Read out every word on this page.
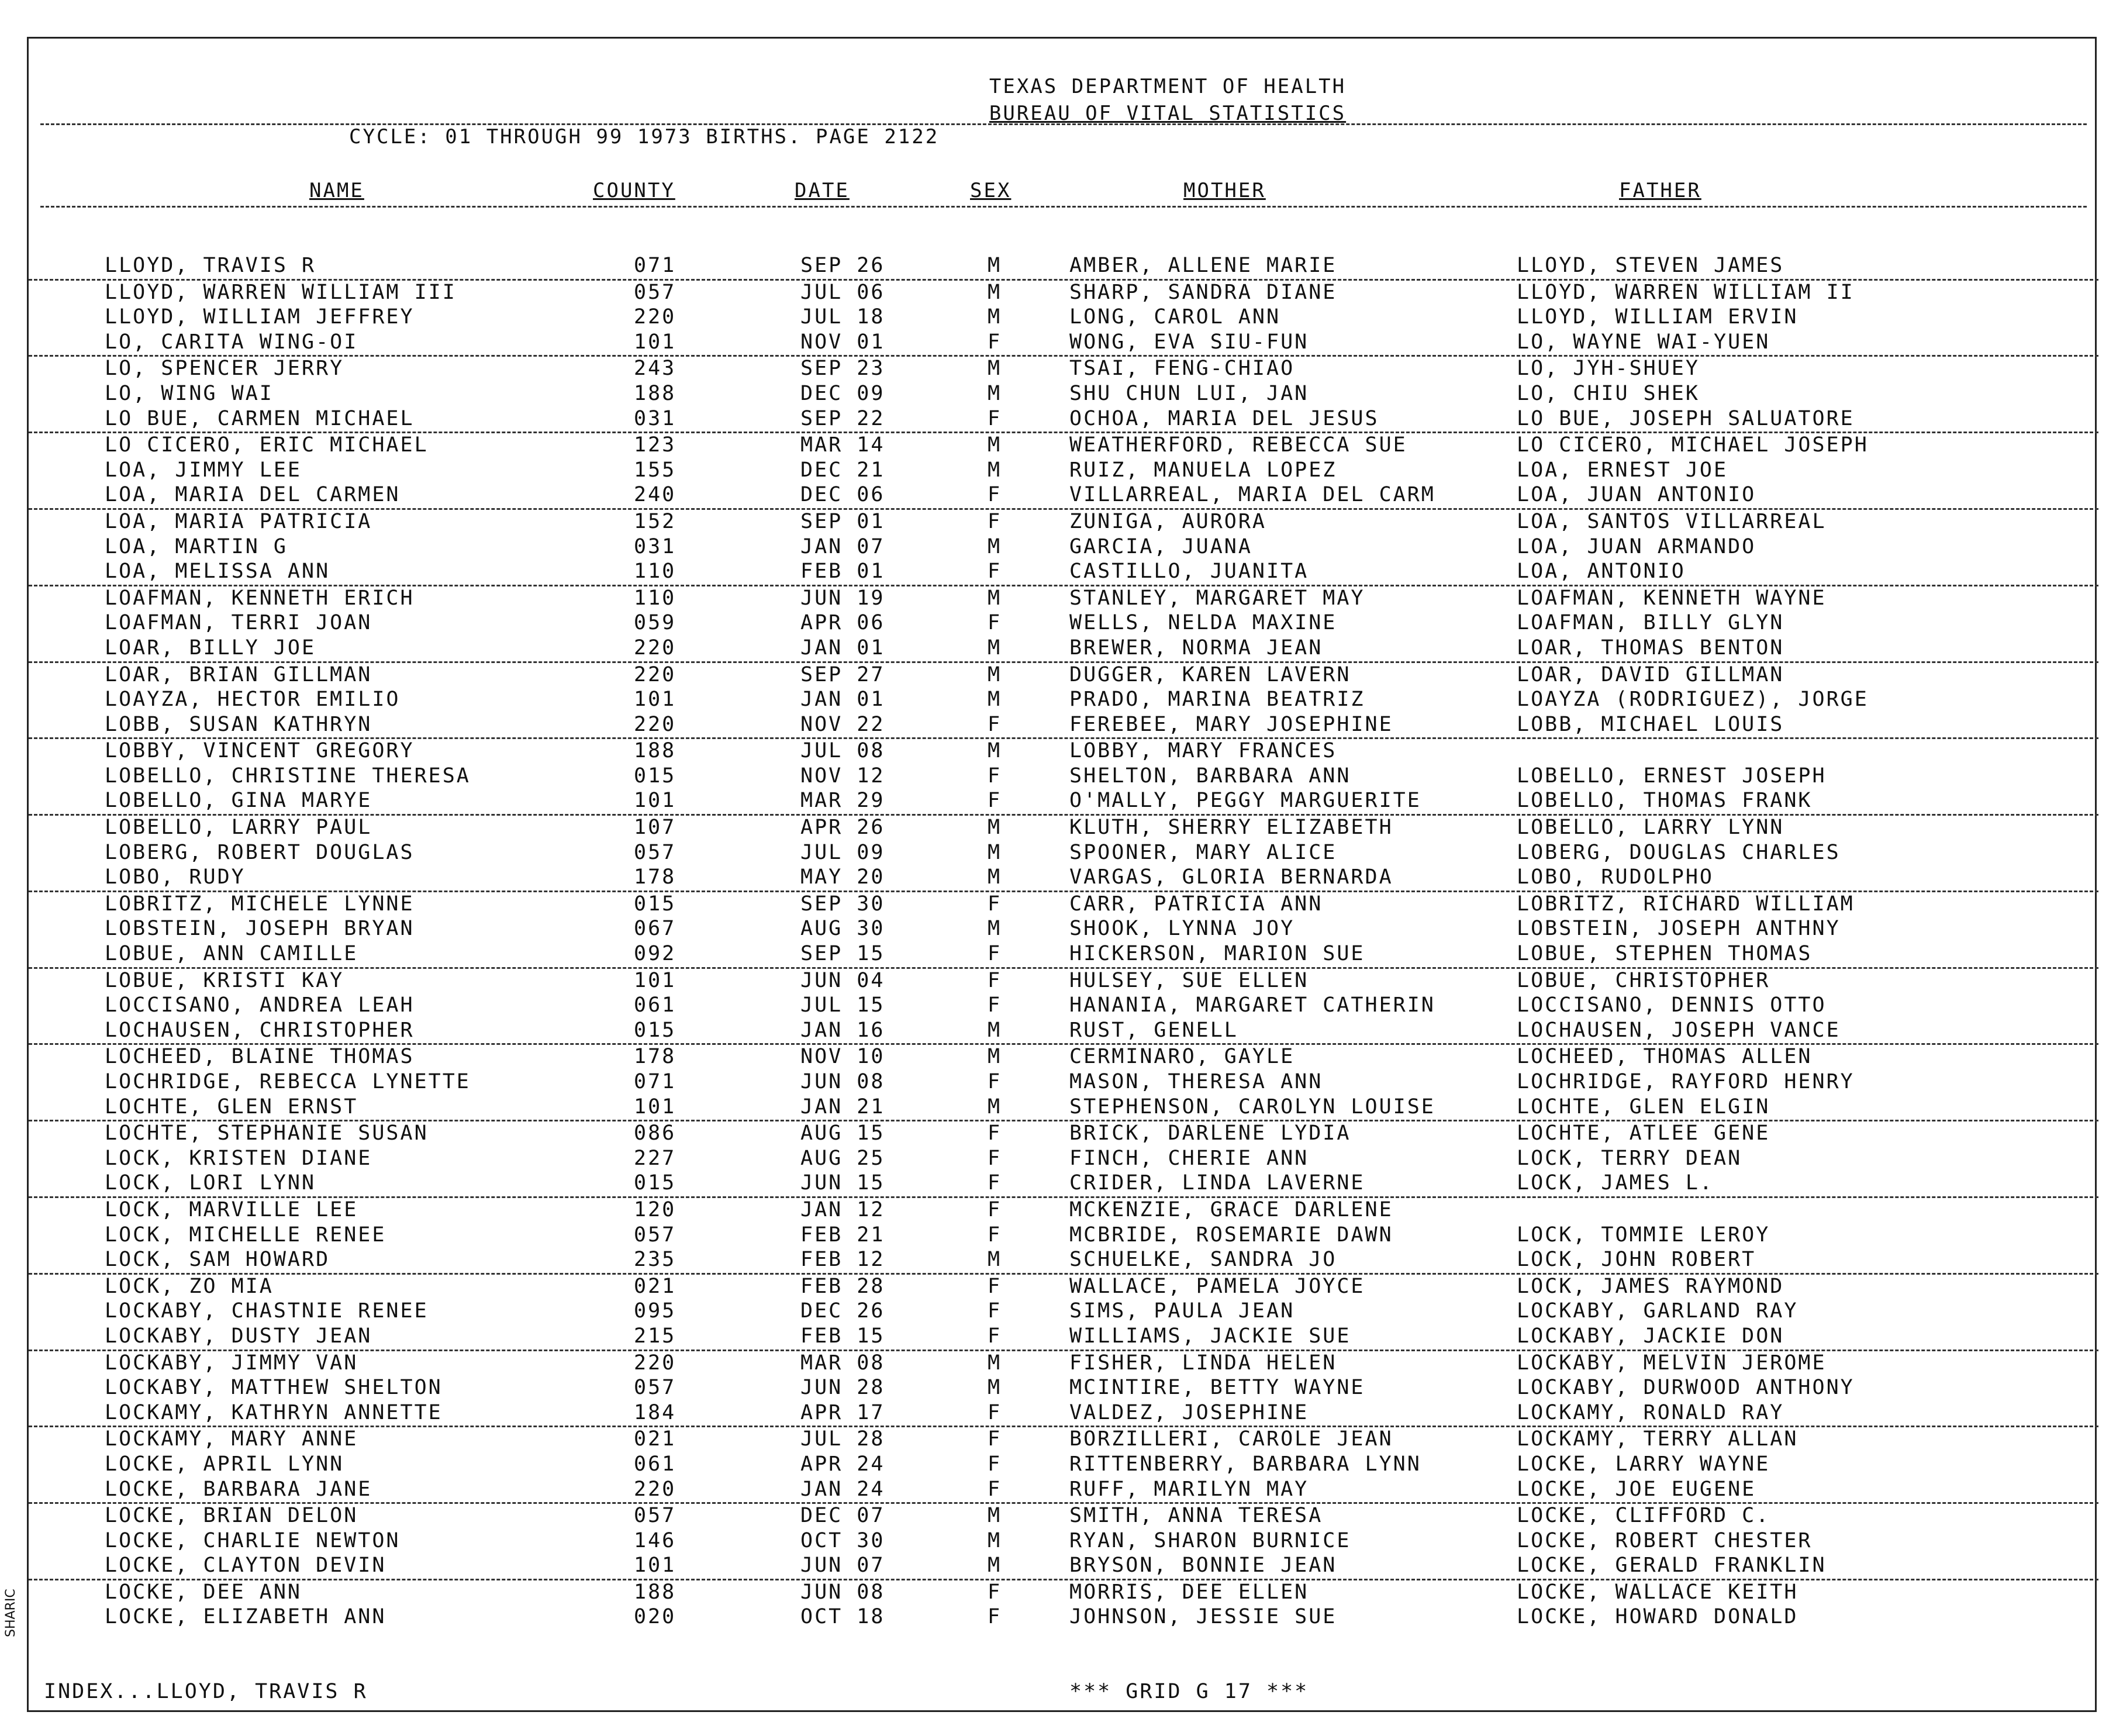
TEXAS DEPARTMENT OF HEALTH
BUREAU OF VITAL STATISTICS
CYCLE: 01 THROUGH 99 1973 BIRTHS. PAGE 2122
NAME	COUNTY	DATE	SEX	MOTHER	FATHER
LLOYD, TRAVIS R	071	SEP 26	M	AMBER, ALLENE MARIE	LLOYD, STEVEN JAMES
LLOYD, WARREN WILLIAM III	057	JUL 06	M	SHARP, SANDRA DIANE	LLOYD, WARREN WILLIAM II
LLOYD, WILLIAM JEFFREY	220	JUL 18	M	LONG, CAROL ANN	LLOYD, WILLIAM ERVIN
LO, CARITA WING-OI	101	NOV 01	F	WONG, EVA SIU-FUN	LO, WAYNE WAI-YUEN
LO, SPENCER JERRY	243	SEP 23	M	TSAI, FENG-CHIAO	LO, JYH-SHUEY
LO, WING WAI	188	DEC 09	M	SHU CHUN LUI, JAN	LO, CHIU SHEK
LO BUE, CARMEN MICHAEL	031	SEP 22	F	OCHOA, MARIA DEL JESUS	LO BUE, JOSEPH SALUATORE
LO CICERO, ERIC MICHAEL	123	MAR 14	M	WEATHERFORD, REBECCA SUE	LO CICERO, MICHAEL JOSEPH
LOA, JIMMY LEE	155	DEC 21	M	RUIZ, MANUELA LOPEZ	LOA, ERNEST JOE
LOA, MARIA DEL CARMEN	240	DEC 06	F	VILLARREAL, MARIA DEL CARM	LOA, JUAN ANTONIO
LOA, MARIA PATRICIA	152	SEP 01	F	ZUNIGA, AURORA	LOA, SANTOS VILLARREAL
LOA, MARTIN G	031	JAN 07	M	GARCIA, JUANA	LOA, JUAN ARMANDO
LOA, MELISSA ANN	110	FEB 01	F	CASTILLO, JUANITA	LOA, ANTONIO
LOAFMAN, KENNETH ERICH	110	JUN 19	M	STANLEY, MARGARET MAY	LOAFMAN, KENNETH WAYNE
LOAFMAN, TERRI JOAN	059	APR 06	F	WELLS, NELDA MAXINE	LOAFMAN, BILLY GLYN
LOAR, BILLY JOE	220	JAN 01	M	BREWER, NORMA JEAN	LOAR, THOMAS BENTON
LOAR, BRIAN GILLMAN	220	SEP 27	M	DUGGER, KAREN LAVERN	LOAR, DAVID GILLMAN
LOAYZA, HECTOR EMILIO	101	JAN 01	M	PRADO, MARINA BEATRIZ	LOAYZA (RODRIGUEZ), JORGE
LOBB, SUSAN KATHRYN	220	NOV 22	F	FEREBEE, MARY JOSEPHINE	LOBB, MICHAEL LOUIS
LOBBY, VINCENT GREGORY	188	JUL 08	M	LOBBY, MARY FRANCES
LOBELLO, CHRISTINE THERESA	015	NOV 12	F	SHELTON, BARBARA ANN	LOBELLO, ERNEST JOSEPH
LOBELLO, GINA MARYE	101	MAR 29	F	O'MALLY, PEGGY MARGUERITE	LOBELLO, THOMAS FRANK
LOBELLO, LARRY PAUL	107	APR 26	M	KLUTH, SHERRY ELIZABETH	LOBELLO, LARRY LYNN
LOBERG, ROBERT DOUGLAS	057	JUL 09	M	SPOONER, MARY ALICE	LOBERG, DOUGLAS CHARLES
LOBO, RUDY	178	MAY 20	M	VARGAS, GLORIA BERNARDA	LOBO, RUDOLPHO
LOBRITZ, MICHELE LYNNE	015	SEP 30	F	CARR, PATRICIA ANN	LOBRITZ, RICHARD WILLIAM
LOBSTEIN, JOSEPH BRYAN	067	AUG 30	M	SHOOK, LYNNA JOY	LOBSTEIN, JOSEPH ANTHNY
LOBUE, ANN CAMILLE	092	SEP 15	F	HICKERSON, MARION SUE	LOBUE, STEPHEN THOMAS
LOBUE, KRISTI KAY	101	JUN 04	F	HULSEY, SUE ELLEN	LOBUE, CHRISTOPHER
LOCCISANO, ANDREA LEAH	061	JUL 15	F	HANANIA, MARGARET CATHERIN	LOCCISANO, DENNIS OTTO
LOCHAUSEN, CHRISTOPHER	015	JAN 16	M	RUST, GENELL	LOCHAUSEN, JOSEPH VANCE
LOCHEED, BLAINE THOMAS	178	NOV 10	M	CERMINARO, GAYLE	LOCHEED, THOMAS ALLEN
LOCHRIDGE, REBECCA LYNETTE	071	JUN 08	F	MASON, THERESA ANN	LOCHRIDGE, RAYFORD HENRY
LOCHTE, GLEN ERNST	101	JAN 21	M	STEPHENSON, CAROLYN LOUISE	LOCHTE, GLEN ELGIN
LOCHTE, STEPHANIE SUSAN	086	AUG 15	F	BRICK, DARLENE LYDIA	LOCHTE, ATLEE GENE
LOCK, KRISTEN DIANE	227	AUG 25	F	FINCH, CHERIE ANN	LOCK, TERRY DEAN
LOCK, LORI LYNN	015	JUN 15	F	CRIDER, LINDA LAVERNE	LOCK, JAMES L.
LOCK, MARVILLE LEE	120	JAN 12	F	MCKENZIE, GRACE DARLENE
LOCK, MICHELLE RENEE	057	FEB 21	F	MCBRIDE, ROSEMARIE DAWN	LOCK, TOMMIE LEROY
LOCK, SAM HOWARD	235	FEB 12	M	SCHUELKE, SANDRA JO	LOCK, JOHN ROBERT
LOCK, ZO MIA	021	FEB 28	F	WALLACE, PAMELA JOYCE	LOCK, JAMES RAYMOND
LOCKABY, CHASTNIE RENEE	095	DEC 26	F	SIMS, PAULA JEAN	LOCKABY, GARLAND RAY
LOCKABY, DUSTY JEAN	215	FEB 15	F	WILLIAMS, JACKIE SUE	LOCKABY, JACKIE DON
LOCKABY, JIMMY VAN	220	MAR 08	M	FISHER, LINDA HELEN	LOCKABY, MELVIN JEROME
LOCKABY, MATTHEW SHELTON	057	JUN 28	M	MCINTIRE, BETTY WAYNE	LOCKABY, DURWOOD ANTHONY
LOCKAMY, KATHRYN ANNETTE	184	APR 17	F	VALDEZ, JOSEPHINE	LOCKAMY, RONALD RAY
LOCKAMY, MARY ANNE	021	JUL 28	F	BORZILLERI, CAROLE JEAN	LOCKAMY, TERRY ALLAN
LOCKE, APRIL LYNN	061	APR 24	F	RITTENBERRY, BARBARA LYNN	LOCKE, LARRY WAYNE
LOCKE, BARBARA JANE	220	JAN 24	F	RUFF, MARILYN MAY	LOCKE, JOE EUGENE
LOCKE, BRIAN DELON	057	DEC 07	M	SMITH, ANNA TERESA	LOCKE, CLIFFORD C.
LOCKE, CHARLIE NEWTON	146	OCT 30	M	RYAN, SHARON BURNICE	LOCKE, ROBERT CHESTER
LOCKE, CLAYTON DEVIN	101	JUN 07	M	BRYSON, BONNIE JEAN	LOCKE, GERALD FRANKLIN
LOCKE, DEE ANN	188	JUN 08	F	MORRIS, DEE ELLEN	LOCKE, WALLACE KEITH
LOCKE, ELIZABETH ANN	020	OCT 18	F	JOHNSON, JESSIE SUE	LOCKE, HOWARD DONALD
INDEX...LLOYD, TRAVIS R	*** GRID G 17 ***
SHARIC
